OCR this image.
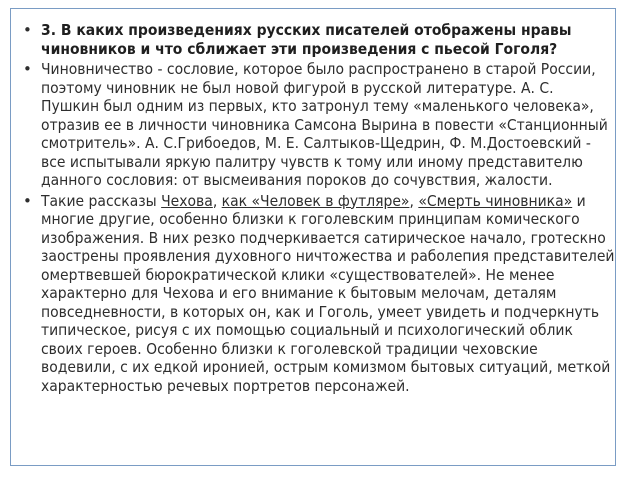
• 3. В каких произведениях русских писателей отображены нравы чиновников и что сближает эти произведения с пьесой Гоголя?
• Чиновничество - сословие, которое было распространено в старой России, поэтому чиновник не был новой фигурой в русской литературе. А. С. Пушкин был одним из первых, кто затронул тему «маленького человека», отразив ее в личности чиновника Самсона Вырина в повести «Станционный смотритель». А. С.Грибоедов, М. Е. Салтыков-Щедрин, Ф. М.Достоевский - все испытывали яркую палитру чувств к тому или иному представителю данного сословия: от высмеивания пороков до сочувствия, жалости.
• Такие рассказы Чехова, как «Человек в футляре», «Смерть чиновника» и многие другие, особенно близки к гоголевским принципам комического изображения. В них резко подчеркивается сатирическое начало, гротескно заострены проявления духовного ничтожества и раболепия представителей омертвевшей бюрократической клики «существователей». Не менее характерно для Чехова и его внимание к бытовым мелочам, деталям повседневности, в которых он, как и Гоголь, умеет увидеть и подчеркнуть типическое, рисуя с их помощью социальный и психологический облик своих героев. Особенно близки к гоголевской традиции чеховские водевили, с их едкой иронией, острым комизмом бытовых ситуаций, меткой характерностью речевых портретов персонажей.
